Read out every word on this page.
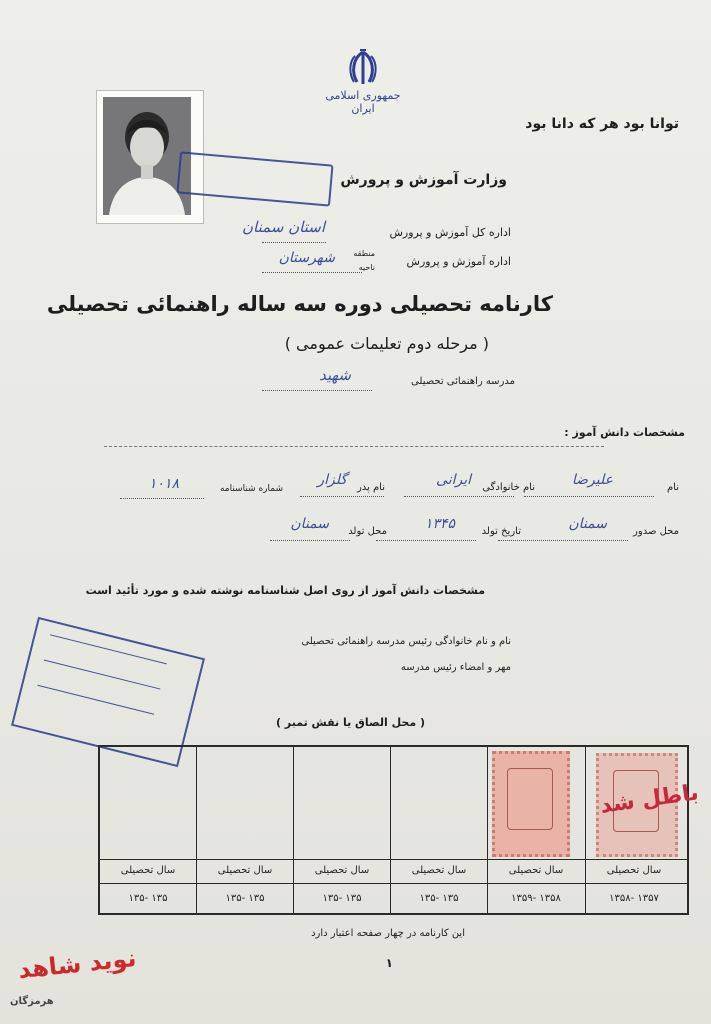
توانا بود هر که دانا بود
جمهوری اسلامی ایران
وزارت آموزش و پرورش
اداره کل آموزش و پرورش
استان سمنان
اداره آموزش و پرورش
منطقه
ناحیه
شهرستان
کارنامه تحصیلی دوره سه ساله راهنمائی تحصیلی
( مرحله دوم تعلیمات عمومی )
مدرسه راهنمائی تحصیلی
شهید
مشخصات دانش آموز :
نام
علیرضا
نام خانوادگی
ایرانی
نام پدر
گلزار
شماره شناسنامه
۱۰۱۸
محل صدور
سمنان
تاریخ تولد
۱۳۴۵
محل تولد
سمنان
مشخصات دانش آموز از روی اصل شناسنامه نوشته شده و مورد تأئید است
نام و نام خانوادگی رئیس مدرسه راهنمائی تحصیلی
مهر و امضاء رئیس مدرسه
( محل الصاق یا نقش تمبر )
باطل شد
سال تحصیلی	سال تحصیلی	سال تحصیلی	سال تحصیلی	سال تحصیلی	سال تحصیلی
۱۳۵ -۱۳۵	۱۳۵ -۱۳۵	۱۳۵ -۱۳۵	۱۳۵ -۱۳۵	۱۳۵۸ -۱۳۵۹	۱۳۵۷ -۱۳۵۸
این کارنامه در چهار صفحه اعتبار دارد
۱
نوید شاهد
هرمزگان
